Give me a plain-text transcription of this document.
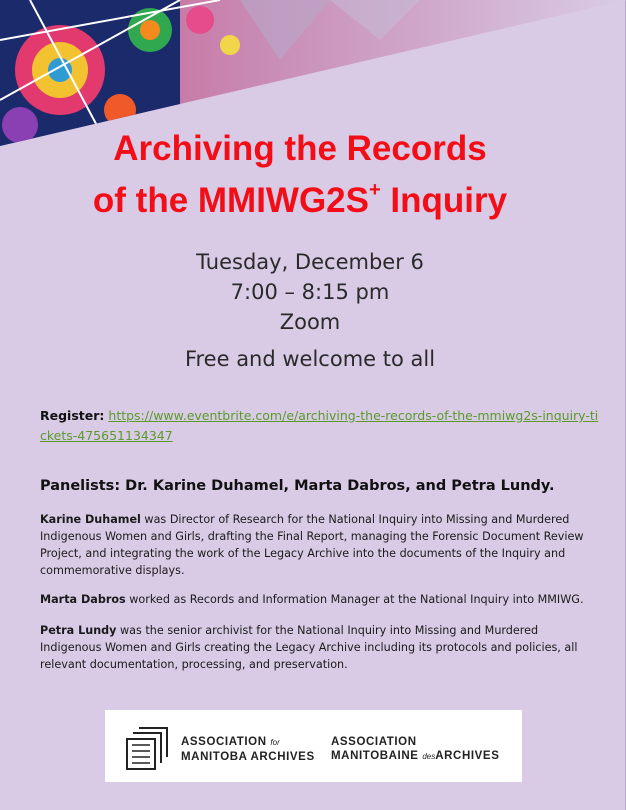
Archiving the Records
of the MMIWG2S+ Inquiry
Tuesday, December 6
7:00 – 8:15 pm
Zoom
Free and welcome to all
Register: https://www.eventbrite.com/e/archiving-the-records-of-the-mmiwg2s-inquiry-tickets-475651134347
Panelists: Dr. Karine Duhamel, Marta Dabros, and Petra Lundy.
Karine Duhamel was Director of Research for the National Inquiry into Missing and Murdered Indigenous Women and Girls, drafting the Final Report, managing the Forensic Document Review Project, and integrating the work of the Legacy Archive into the documents of the Inquiry and commemorative displays.
Marta Dabros worked as Records and Information Manager at the National Inquiry into MMIWG.
Petra Lundy was the senior archivist for the National Inquiry into Missing and Murdered Indigenous Women and Girls creating the Legacy Archive including its protocols and policies, all relevant documentation, processing, and preservation.
ASSOCIATION for
MANITOBA ARCHIVES
ASSOCIATION
MANITOBAINE desARCHIVES
